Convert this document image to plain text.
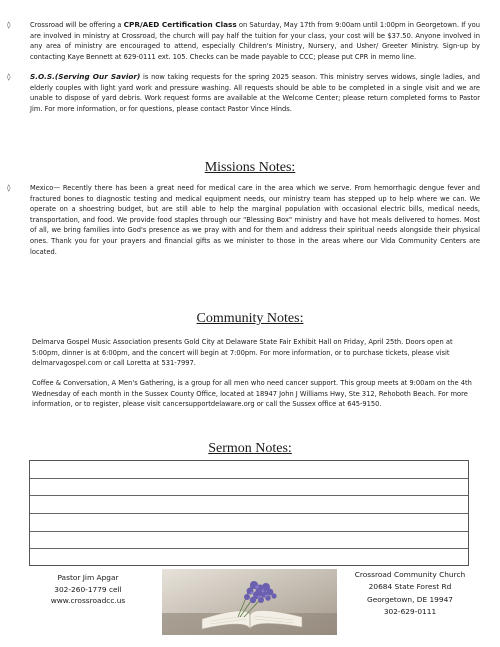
◊	Crossroad will be offering a CPR/AED Certification Class on Saturday, May 17th from 9:00am until 1:00pm in Georgetown. If you are involved in ministry at Crossroad, the church will pay half the tuition for your class, your cost will be $37.50. Anyone involved in any area of ministry are encouraged to attend, especially Children's Ministry, Nursery, and Usher/ Greeter Ministry. Sign-up by contacting Kaye Bennett at 629-0111 ext. 105. Checks can be made payable to CCC; please put CPR in memo line.
◊	S.O.S.(Serving Our Savior) is now taking requests for the spring 2025 season. This ministry serves widows, single ladies, and elderly couples with light yard work and pressure washing. All requests should be able to be completed in a single visit and we are unable to dispose of yard debris. Work request forms are available at the Welcome Center; please return completed forms to Pastor Jim. For more information, or for questions, please contact Pastor Vince Hinds.
Missions Notes:
◊	Mexico— Recently there has been a great need for medical care in the area which we serve. From hemorrhagic dengue fever and fractured bones to diagnostic testing and medical equipment needs, our ministry team has stepped up to help where we can. We operate on a shoestring budget, but are still able to help the marginal population with occasional electric bills, medical needs, transportation, and food. We provide food staples through our "Blessing Box" ministry and have hot meals delivered to homes. Most of all, we bring families into God's presence as we pray with and for them and address their spiritual needs alongside their physical ones. Thank you for your prayers and financial gifts as we minister to those in the areas where our Vida Community Centers are located.
Community Notes:
Delmarva Gospel Music Association presents Gold City at Delaware State Fair Exhibit Hall on Friday, April 25th. Doors open at 5:00pm, dinner is at 6:00pm, and the concert will begin at 7:00pm. For more information, or to purchase tickets, please visit delmarvagospel.com or call Loretta at 531-7997.
Coffee & Conversation, A Men's Gathering, is a group for all men who need cancer support. This group meets at 9:00am on the 4th Wednesday of each month in the Sussex County Office, located at 18947 John J Williams Hwy, Ste 312, Rehoboth Beach. For more information, or to register, please visit cancersupportdelaware.org or call the Sussex office at 645-9150.
Sermon Notes:
Pastor Jim Apgar
302-260-1779 cell
www.crossroadcc.us
Crossroad Community Church
20684 State Forest Rd
Georgetown, DE 19947
302-629-0111
